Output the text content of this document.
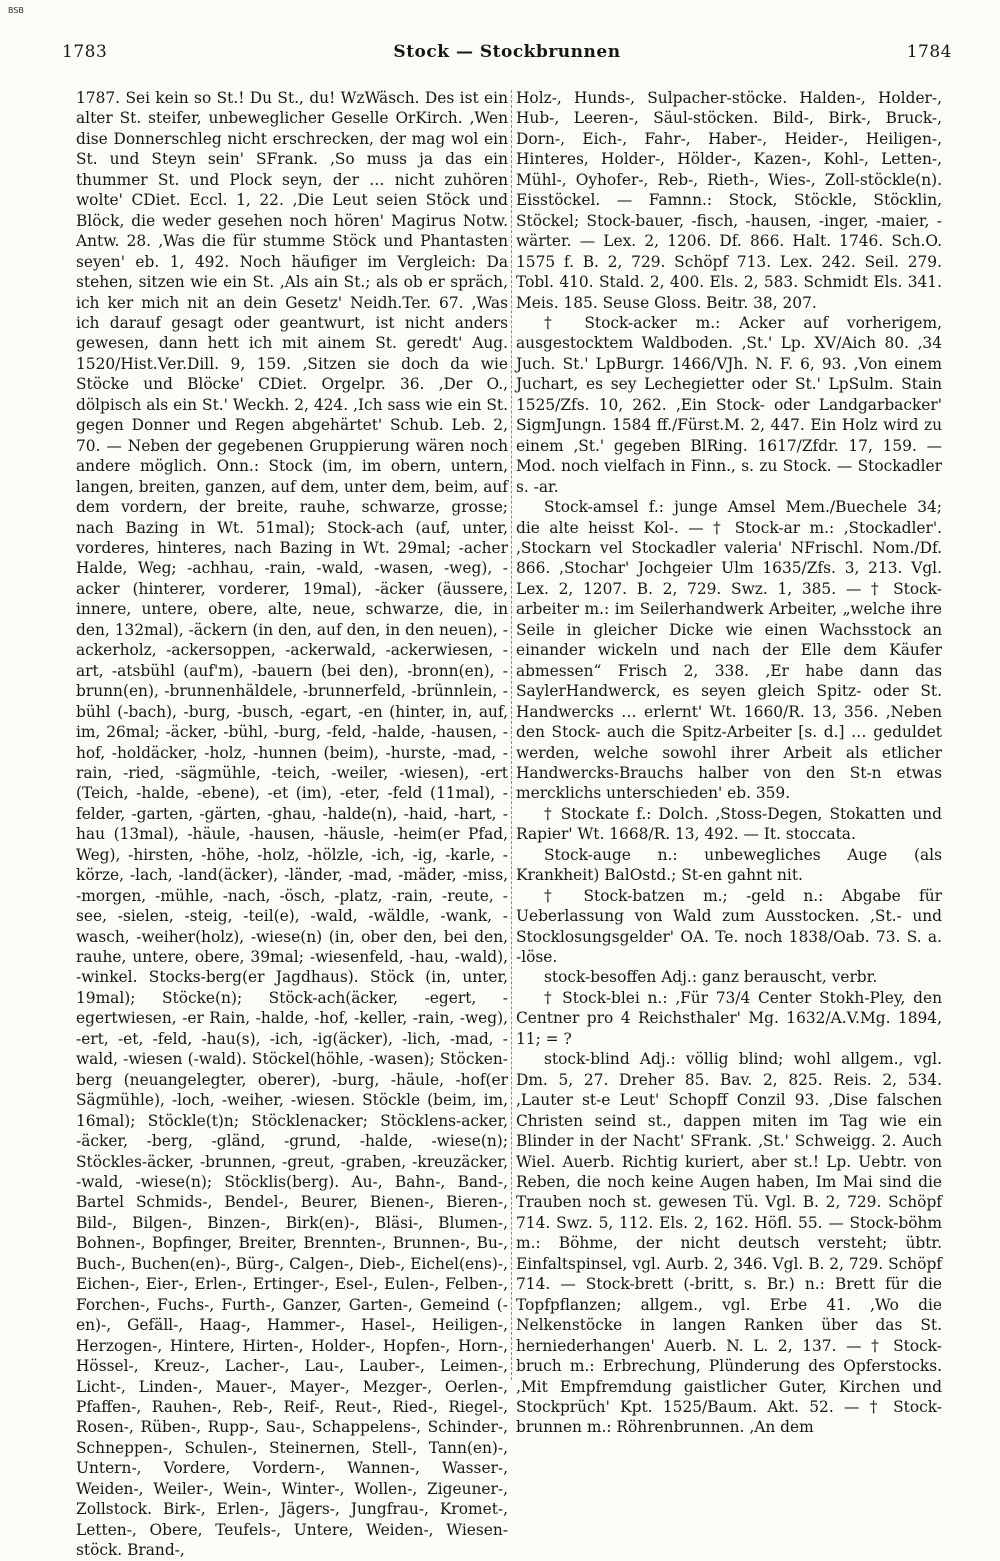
BSB
Stock — Stockbrunnen
1783	1784

1787. Sei kein so St.! Du St., du! WzWäsch. Des ist ein alter St. steifer, unbeweglicher Geselle OrKirch. ‚Wen dise Donnerschleg nicht erschrecken, der mag wol ein St. und Steyn sein' SFrank. ‚So muss ja das ein thummer St. und Plock seyn, der … nicht zuhören wolte' CDiet. Eccl. 1, 22. ‚Die Leut seien Stöck und Blöck, die weder gesehen noch hören' Magirus Notw. Antw. 28. ‚Was die für stumme Stöck und Phantasten seyen' eb. 1, 492. Noch häufiger im Vergleich: Da stehen, sitzen wie ein St. ‚Als ain St.; als ob er spräch, ich ker mich nit an dein Gesetz' Neidh.Ter. 67. ‚Was ich darauf gesagt oder geantwurt, ist nicht anders gewesen, dann hett ich mit ainem St. geredt' Aug. 1520/Hist.Ver.Dill. 9, 159. ‚Sitzen sie doch da wie Stöcke und Blöcke' CDiet. Orgelpr. 36. ‚Der O., dölpisch als ein St.' Weckh. 2, 424. ‚Ich sass wie ein St. gegen Donner und Regen abgehärtet' Schub. Leb. 2, 70. — Neben der gegebenen Gruppierung wären noch andere möglich. Onn.: Stock (im, im obern, untern, langen, breiten, ganzen, auf dem, unter dem, beim, auf dem vordern, der breite, rauhe, schwarze, grosse; nach Bazing in Wt. 51mal); Stock-ach (auf, unter, vorderes, hinteres, nach Bazing in Wt. 29mal; -acher Halde, Weg; -achhau, -rain, -wald, -wasen, -weg), -acker (hinterer, vorderer, 19mal), -äcker (äussere, innere, untere, obere, alte, neue, schwarze, die, in den, 132mal), -äckern (in den, auf den, in den neuen), -ackerholz, -ackersoppen, -ackerwald, -ackerwiesen, -art, -atsbühl (auf'm), -bauern (bei den), -bronn(en), -brunn(en), -brunnenhäldele, -brunnerfeld, -brünnlein, -bühl (-bach), -burg, -busch, -egart, -en (hinter, in, auf, im, 26mal; -äcker, -bühl, -burg, -feld, -halde, -hausen, -hof, -holdäcker, -holz, -hunnen (beim), -hurste, -mad, -rain, -ried, -sägmühle, -teich, -weiler, -wiesen), -ert (Teich, -halde, -ebene), -et (im), -eter, -feld (11mal), -felder, -garten, -gärten, -ghau, -halde(n), -haid, -hart, -hau (13mal), -häule, -hausen, -häusle, -heim(er Pfad, Weg), -hirsten, -höhe, -holz, -hölzle, -ich, -ig, -karle, -körze, -lach, -land(äcker), -länder, -mad, -mäder, -miss, -morgen, -mühle, -nach, -ösch, -platz, -rain, -reute, -see, -sielen, -steig, -teil(e), -wald, -wäldle, -wank, -wasch, -weiher(holz), -wiese(n) (in, ober den, bei den, rauhe, untere, obere, 39mal; -wiesenfeld, -hau, -wald), -winkel. Stocks-berg(er Jagdhaus). Stöck (in, unter, 19mal); Stöcke(n); Stöck-ach(äcker, -egert, -egertwiesen, -er Rain, -halde, -hof, -keller, -rain, -weg), -ert, -et, -feld, -hau(s), -ich, -ig(äcker), -lich, -mad, -wald, -wiesen (-wald). Stöckel(höhle, -wasen); Stöcken-berg (neuangelegter, oberer), -burg, -häule, -hof(er Sägmühle), -loch, -weiher, -wiesen. Stöckle (beim, im, 16mal); Stöckle(t)n; Stöcklenacker; Stöcklens-acker, -äcker, -berg, -gländ, -grund, -halde, -wiese(n); Stöckles-äcker, -brunnen, -greut, -graben, -kreuzäcker, -wald, -wiese(n); Stöcklis(berg). Au-, Bahn-, Band-, Bartel Schmids-, Bendel-, Beurer, Bienen-, Bieren-, Bild-, Bilgen-, Binzen-, Birk(en)-, Bläsi-, Blumen-, Bohnen-, Bopfinger, Breiter, Brennten-, Brunnen-, Bu-, Buch-, Buchen(en)-, Bürg-, Calgen-, Dieb-, Eichel(ens)-, Eichen-, Eier-, Erlen-, Ertinger-, Esel-, Eulen-, Felben-, Forchen-, Fuchs-, Furth-, Ganzer, Garten-, Gemeind (-en)-, Gefäll-, Haag-, Hammer-, Hasel-, Heiligen-, Herzogen-, Hintere, Hirten-, Holder-, Hopfen-, Horn-, Hössel-, Kreuz-, Lacher-, Lau-, Lauber-, Leimen-, Licht-, Linden-, Mauer-, Mayer-, Mezger-, Oerlen-, Pfaffen-, Rauhen-, Reb-, Reif-, Reut-, Ried-, Riegel-, Rosen-, Rüben-, Rupp-, Sau-, Schappelens-, Schinder-, Schneppen-, Schulen-, Steinernen, Stell-, Tann(en)-, Untern-, Vordere, Vordern-, Wannen-, Wasser-, Weiden-, Weiler-, Wein-, Winter-, Wollen-, Zigeuner-, Zollstock. Birk-, Erlen-, Jägers-, Jungfrau-, Kromet-, Letten-, Obere, Teufels-, Untere, Weiden-, Wiesen-stöck. Brand-,

Holz-, Hunds-, Sulpacher-stöcke. Halden-, Holder-, Hub-, Leeren-, Säul-stöcken. Bild-, Birk-, Bruck-, Dorn-, Eich-, Fahr-, Haber-, Heider-, Heiligen-, Hinteres, Holder-, Hölder-, Kazen-, Kohl-, Letten-, Mühl-, Oyhofer-, Reb-, Rieth-, Wies-, Zoll-stöckle(n). Eisstöckel. — Famnn.: Stock, Stöckle, Stöcklin, Stöckel; Stock-bauer, -fisch, -hausen, -inger, -maier, -wärter. — Lex. 2, 1206. Df. 866. Halt. 1746. Sch.O. 1575 f. B. 2, 729. Schöpf 713. Lex. 242. Seil. 279. Tobl. 410. Stald. 2, 400. Els. 2, 583. Schmidt Els. 341. Meis. 185. Seuse Gloss. Beitr. 38, 207.

† Stock-acker m.: Acker auf vorherigem, ausgestocktem Waldboden. ‚St.' Lp. XV/Aich 80. ‚34 Juch. St.' LpBurgr. 1466/VJh. N. F. 6, 93. ‚Von einem Juchart, es sey Lechegietter oder St.' LpSulm. Stain 1525/Zfs. 10, 262. ‚Ein Stock- oder Landgarbacker' SigmJungn. 1584 ff./Fürst.M. 2, 447. Ein Holz wird zu einem ‚St.' gegeben BlRing. 1617/Zfdr. 17, 159. — Mod. noch vielfach in Finn., s. zu Stock. — Stockadler s. -ar.

Stock-amsel f.: junge Amsel Mem./Buechele 34; die alte heisst Kol-. — † Stock-ar m.: ‚Stockadler'. ‚Stockarn vel Stockadler valeria' NFrischl. Nom./Df. 866. ‚Stochar' Jochgeier Ulm 1635/Zfs. 3, 213. Vgl. Lex. 2, 1207. B. 2, 729. Swz. 1, 385. — † Stock-arbeiter m.: im Seilerhandwerk Arbeiter, „welche ihre Seile in gleicher Dicke wie einen Wachsstock an einander wickeln und nach der Elle dem Käufer abmessen“ Frisch 2, 338. ‚Er habe dann das SaylerHandwerck, es seyen gleich Spitz- oder St. Handwercks … erlernt' Wt. 1660/R. 13, 356. ‚Neben den Stock- auch die Spitz-Arbeiter [s. d.] … geduldet werden, welche sowohl ihrer Arbeit als etlicher Handwercks-Brauchs halber von den St-n etwas mercklichs unterschieden' eb. 359.

† Stockate f.: Dolch. ‚Stoss-Degen, Stokatten und Rapier' Wt. 1668/R. 13, 492. — It. stoccata.

Stock-auge n.: unbewegliches Auge (als Krankheit) BalOstd.; St-en gahnt nit.

† Stock-batzen m.; -geld n.: Abgabe für Ueberlassung von Wald zum Ausstocken. ‚St.- und Stocklosungsgelder' OA. Te. noch 1838/Oab. 73. S. a. -löse.

stock-besoffen Adj.: ganz berauscht, verbr.

† Stock-blei n.: ‚Für 73/4 Center Stokh-Pley, den Centner pro 4 Reichsthaler' Mg. 1632/A.V.Mg. 1894, 11; = ?

stock-blind Adj.: völlig blind; wohl allgem., vgl. Dm. 5, 27. Dreher 85. Bav. 2, 825. Reis. 2, 534. ‚Lauter st-e Leut' Schopff Conzil 93. ‚Dise falschen Christen seind st., dappen miten im Tag wie ein Blinder in der Nacht' SFrank. ‚St.' Schweigg. 2. Auch Wiel. Auerb. Richtig kuriert, aber st.! Lp. Uebtr. von Reben, die noch keine Augen haben, Im Mai sind die Trauben noch st. gewesen Tü. Vgl. B. 2, 729. Schöpf 714. Swz. 5, 112. Els. 2, 162. Höfl. 55. — Stock-böhm m.: Böhme, der nicht deutsch versteht; übtr. Einfaltspinsel, vgl. Aurb. 2, 346. Vgl. B. 2, 729. Schöpf 714. — Stock-brett (-britt, s. Br.) n.: Brett für die Topfpflanzen; allgem., vgl. Erbe 41. ‚Wo die Nelkenstöcke in langen Ranken über das St. herniederhangen' Auerb. N. L. 2, 137. — † Stock-bruch m.: Erbrechung, Plünderung des Opferstocks. ‚Mit Empfremdung gaistlicher Guter, Kirchen und Stockprüch' Kpt. 1525/Baum. Akt. 52. — † Stock-brunnen m.: Röhrenbrunnen. ‚An dem
